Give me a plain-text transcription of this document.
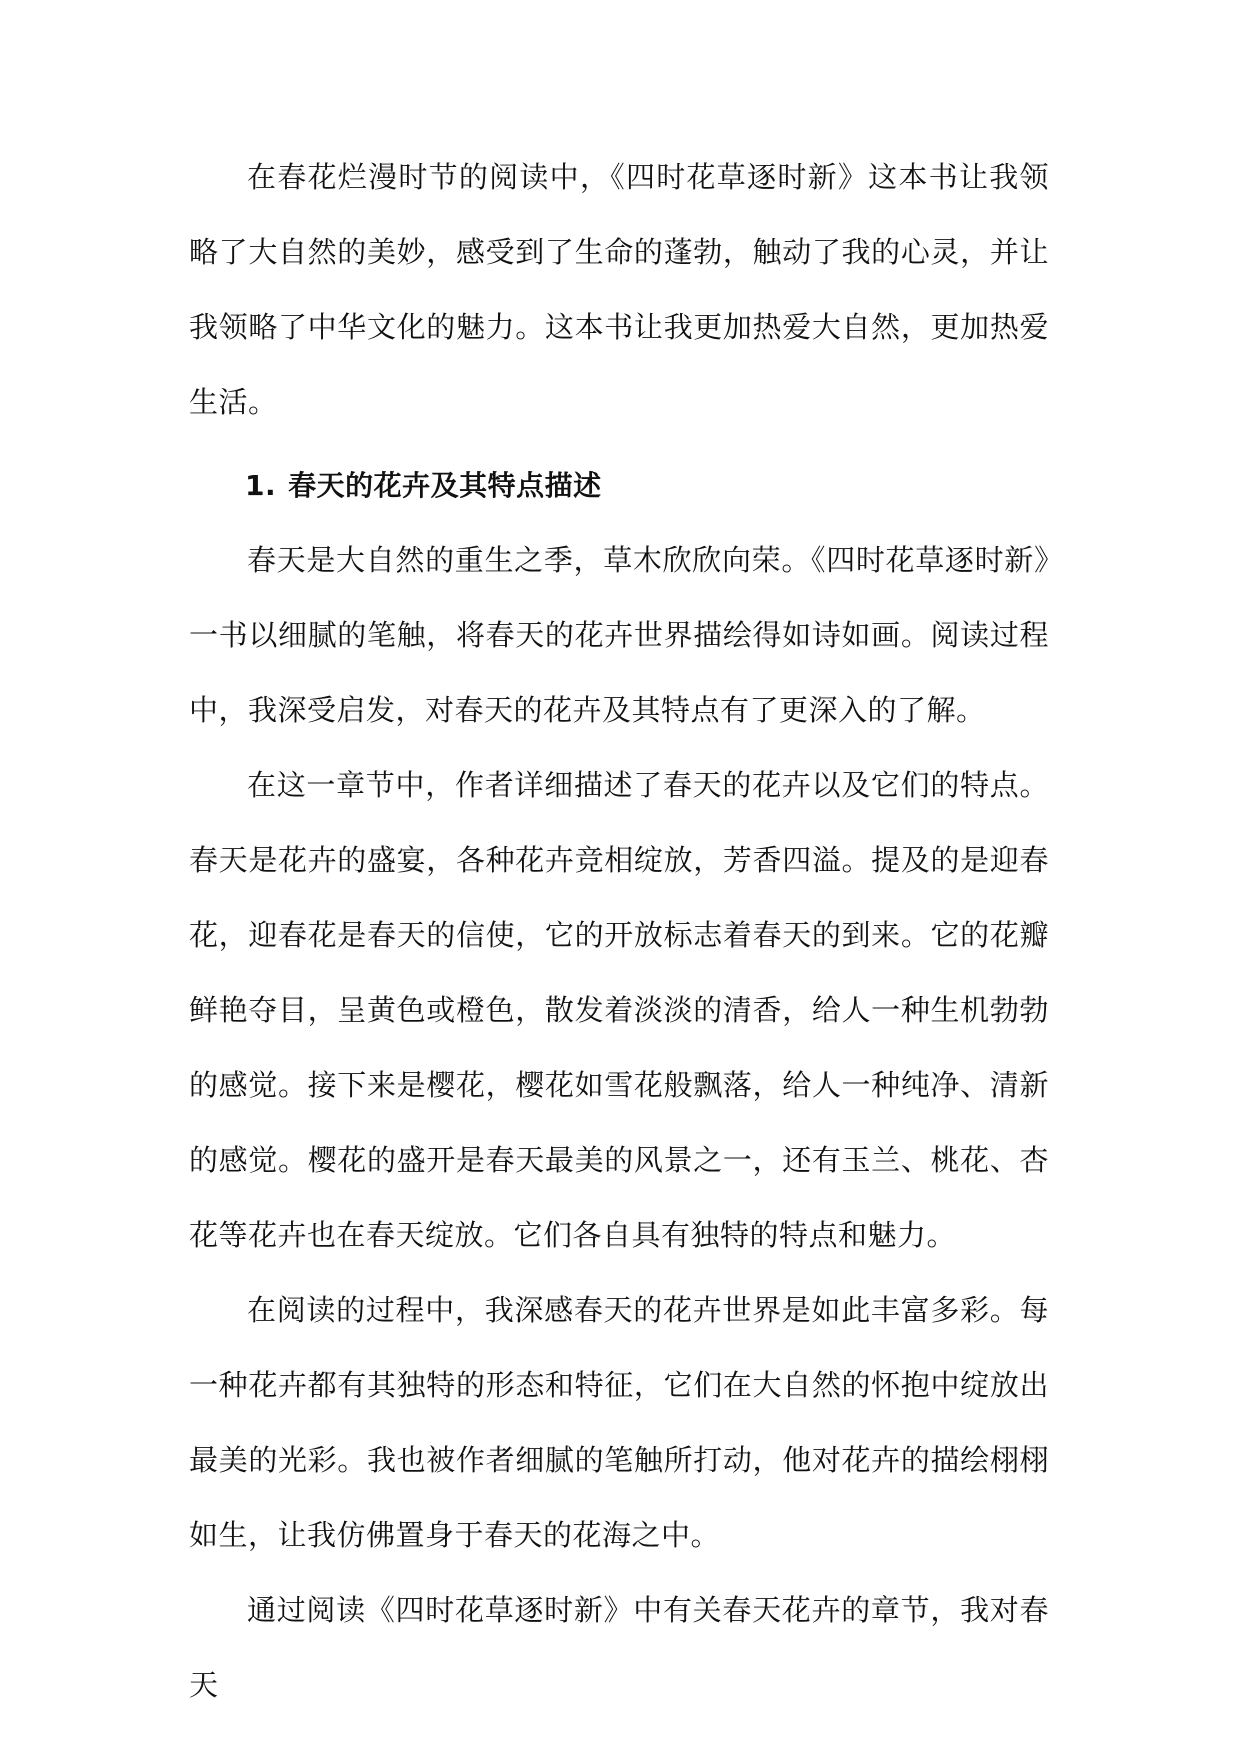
在春花烂漫时节的阅读中，《四时花草逐时新》这本书让我领略了大自然的美妙，感受到了生命的蓬勃，触动了我的心灵，并让我领略了中华文化的魅力。这本书让我更加热爱大自然，更加热爱生活。

1. 春天的花卉及其特点描述

春天是大自然的重生之季，草木欣欣向荣。《四时花草逐时新》一书以细腻的笔触，将春天的花卉世界描绘得如诗如画。阅读过程中，我深受启发，对春天的花卉及其特点有了更深入的了解。

在这一章节中，作者详细描述了春天的花卉以及它们的特点。春天是花卉的盛宴，各种花卉竞相绽放，芳香四溢。提及的是迎春花，迎春花是春天的信使，它的开放标志着春天的到来。它的花瓣鲜艳夺目，呈黄色或橙色，散发着淡淡的清香，给人一种生机勃勃的感觉。接下来是樱花，樱花如雪花般飘落，给人一种纯净、清新的感觉。樱花的盛开是春天最美的风景之一，还有玉兰、桃花、杏花等花卉也在春天绽放。它们各自具有独特的特点和魅力。

在阅读的过程中，我深感春天的花卉世界是如此丰富多彩。每一种花卉都有其独特的形态和特征，它们在大自然的怀抱中绽放出最美的光彩。我也被作者细腻的笔触所打动，他对花卉的描绘栩栩如生，让我仿佛置身于春天的花海之中。

通过阅读《四时花草逐时新》中有关春天花卉的章节，我对春天
